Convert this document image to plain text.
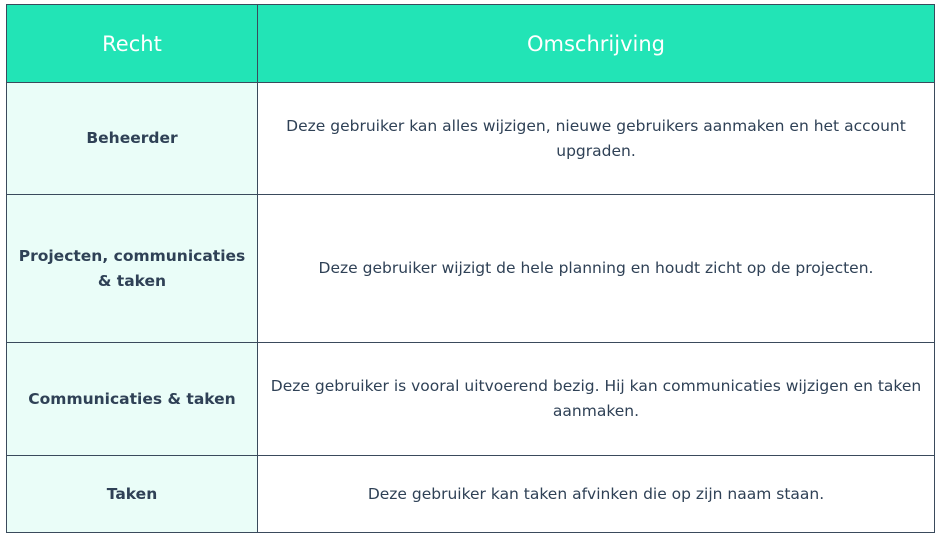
Recht	Omschrijving
Beheerder	Deze gebruiker kan alles wijzigen, nieuwe gebruikers aanmaken en het account upgraden.
Projecten, communicaties & taken	Deze gebruiker wijzigt de hele planning en houdt zicht op de projecten.
Communicaties & taken	Deze gebruiker is vooral uitvoerend bezig. Hij kan communicaties wijzigen en taken aanmaken.
Taken	Deze gebruiker kan taken afvinken die op zijn naam staan.
